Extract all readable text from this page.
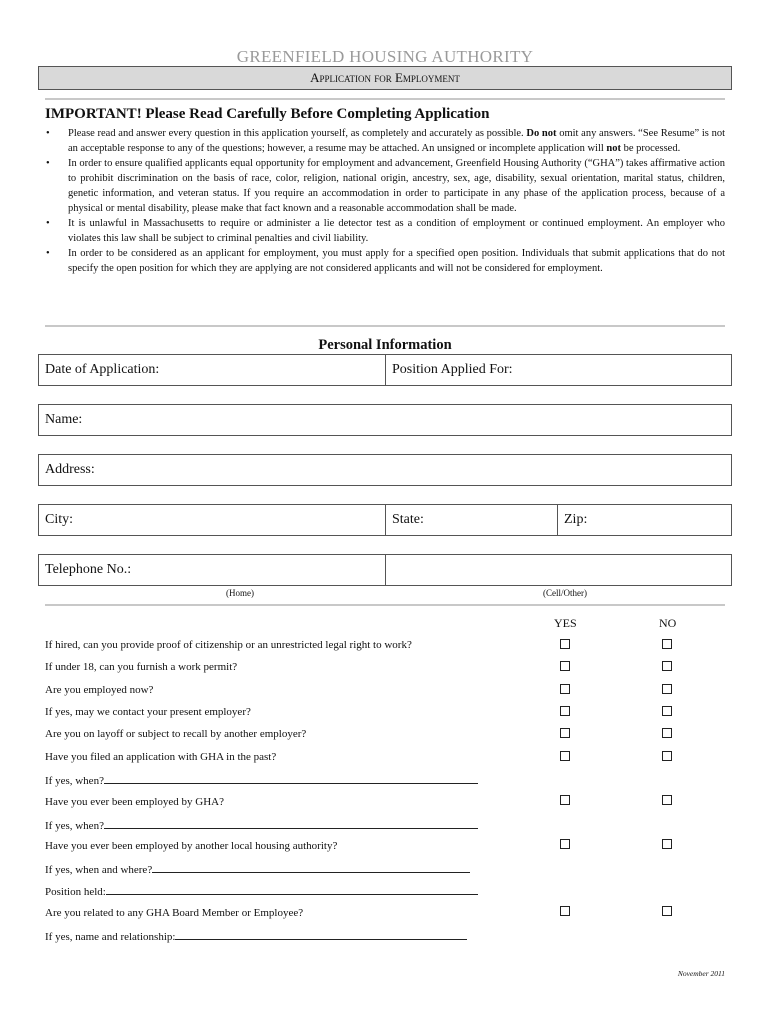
GREENFIELD HOUSING AUTHORITY
Application for Employment
IMPORTANT! Please Read Carefully Before Completing Application
• Please read and answer every question in this application yourself, as completely and accurately as possible. Do not omit any answers. “See Resume” is not an acceptable response to any of the questions; however, a resume may be attached. An unsigned or incomplete application will not be processed.
• In order to ensure qualified applicants equal opportunity for employment and advancement, Greenfield Housing Authority (“GHA”) takes affirmative action to prohibit discrimination on the basis of race, color, religion, national origin, ancestry, sex, age, disability, sexual orientation, marital status, children, genetic information, and veteran status. If you require an accommodation in order to participate in any phase of the application process, because of a physical or mental disability, please make that fact known and a reasonable accommodation shall be made.
• It is unlawful in Massachusetts to require or administer a lie detector test as a condition of employment or continued employment. An employer who violates this law shall be subject to criminal penalties and civil liability.
• In order to be considered as an applicant for employment, you must apply for a specified open position. Individuals that submit applications that do not specify the open position for which they are applying are not considered applicants and will not be considered for employment.
Personal Information
Date of Application:	Position Applied For:
Name:
Address:
City:	State:	Zip:
Telephone No.:
(Home)	(Cell/Other)
YES	NO
If hired, can you provide proof of citizenship or an unrestricted legal right to work?
If under 18, can you furnish a work permit?
Are you employed now?
If yes, may we contact your present employer?
Are you on layoff or subject to recall by another employer?
Have you filed an application with GHA in the past?
If yes, when?
Have you ever been employed by GHA?
If yes, when?
Have you ever been employed by another local housing authority?
If yes, when and where?
Position held:
Are you related to any GHA Board Member or Employee?
If yes, name and relationship:
November 2011
